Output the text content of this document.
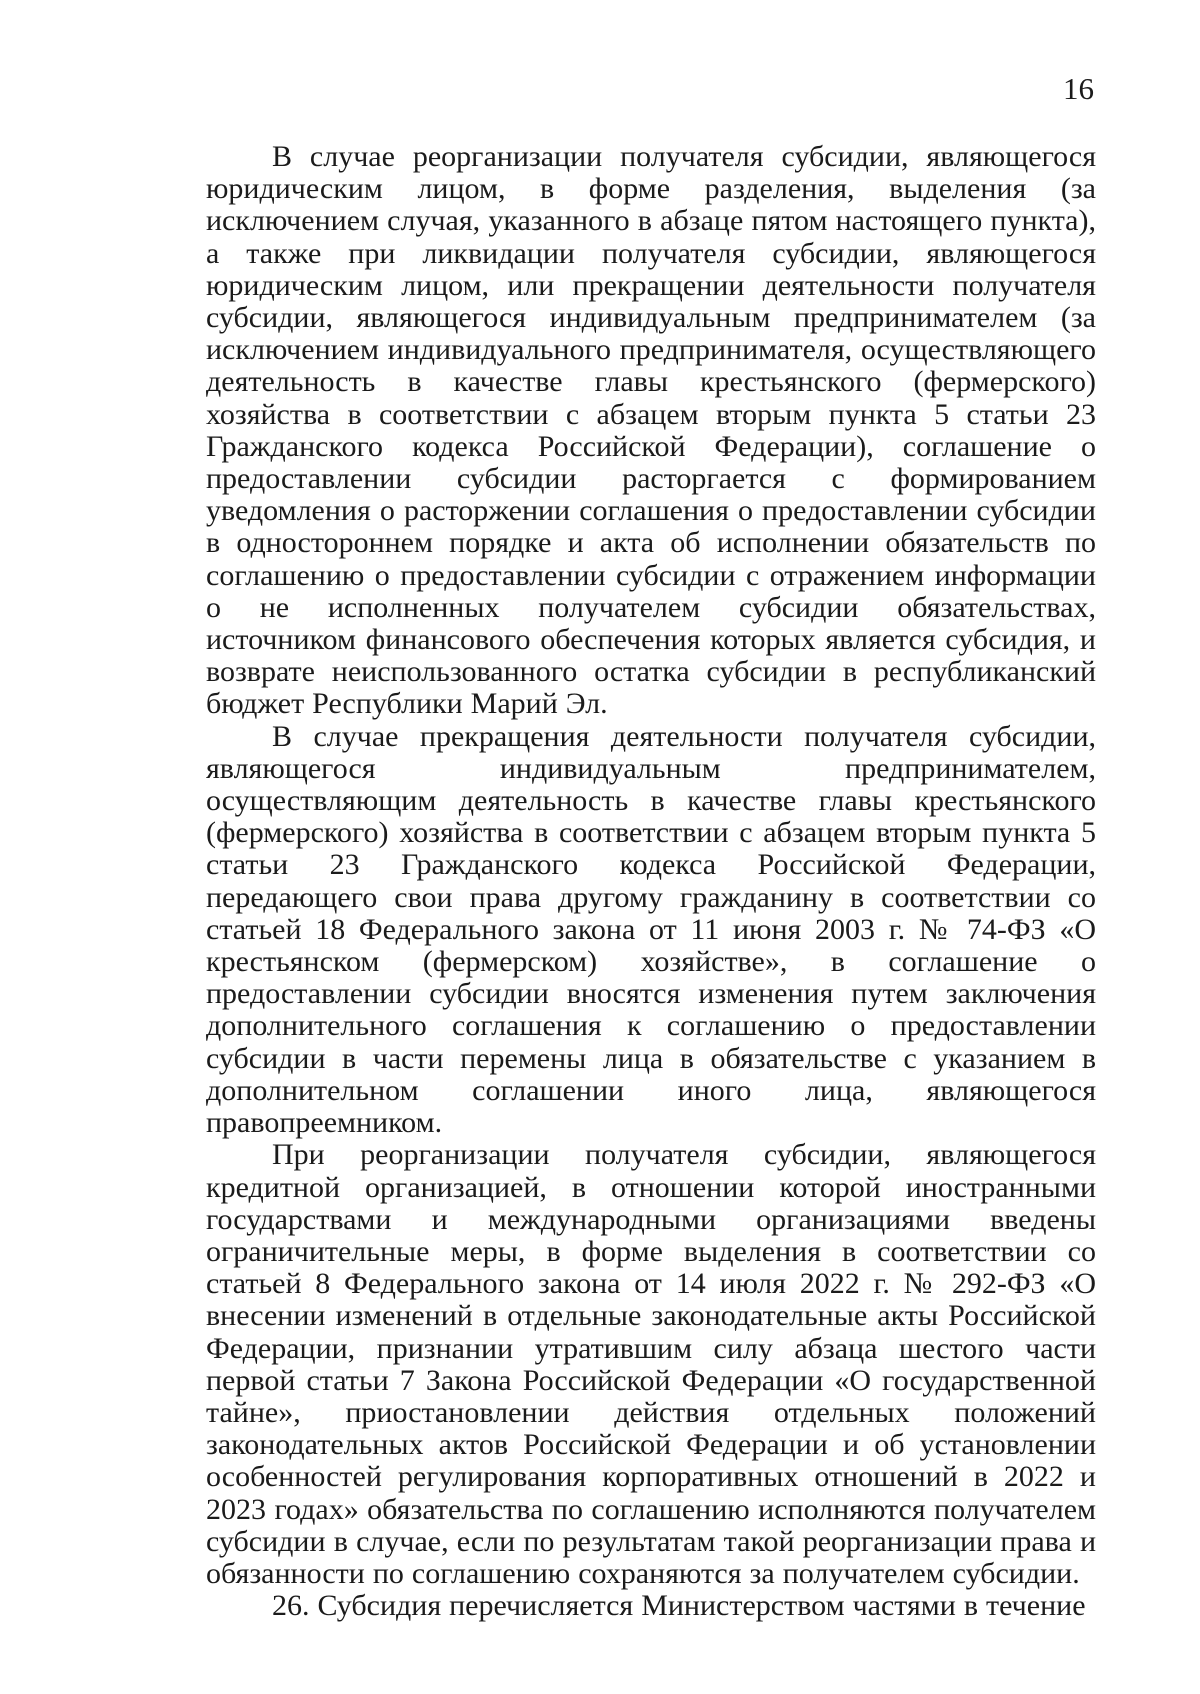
16

В случае реорганизации получателя субсидии, являющегося юридическим лицом, в форме разделения, выделения (за исключением случая, указанного в абзаце пятом настоящего пункта), а также при ликвидации получателя субсидии, являющегося юридическим лицом, или прекращении деятельности получателя субсидии, являющегося индивидуальным предпринимателем (за исключением индивидуального предпринимателя, осуществляющего деятельность в качестве главы крестьянского (фермерского) хозяйства в соответствии с абзацем вторым пункта 5 статьи 23 Гражданского кодекса Российской Федерации), соглашение о предоставлении субсидии расторгается с формированием уведомления о расторжении соглашения о предоставлении субсидии в одностороннем порядке и акта об исполнении обязательств по соглашению о предоставлении субсидии с отражением информации о не исполненных получателем субсидии обязательствах, источником финансового обеспечения которых является субсидия, и возврате неиспользованного остатка субсидии в республиканский бюджет Республики Марий Эл.

В случае прекращения деятельности получателя субсидии, являющегося индивидуальным предпринимателем, осуществляющим деятельность в качестве главы крестьянского (фермерского) хозяйства в соответствии с абзацем вторым пункта 5 статьи 23 Гражданского кодекса Российской Федерации, передающего свои права другому гражданину в соответствии со статьей 18 Федерального закона от 11 июня 2003 г. № 74-ФЗ «О крестьянском (фермерском) хозяйстве», в соглашение о предоставлении субсидии вносятся изменения путем заключения дополнительного соглашения к соглашению о предоставлении субсидии в части перемены лица в обязательстве с указанием в дополнительном соглашении иного лица, являющегося правопреемником.

При реорганизации получателя субсидии, являющегося кредитной организацией, в отношении которой иностранными государствами и международными организациями введены ограничительные меры, в форме выделения в соответствии со статьей 8 Федерального закона от 14 июля 2022 г. № 292-ФЗ «О внесении изменений в отдельные законодательные акты Российской Федерации, признании утратившим силу абзаца шестого части первой статьи 7 Закона Российской Федерации «О государственной тайне», приостановлении действия отдельных положений законодательных актов Российской Федерации и об установлении особенностей регулирования корпоративных отношений в 2022 и 2023 годах» обязательства по соглашению исполняются получателем субсидии в случае, если по результатам такой реорганизации права и обязанности по соглашению сохраняются за получателем субсидии.

26. Субсидия перечисляется Министерством частями в течение
